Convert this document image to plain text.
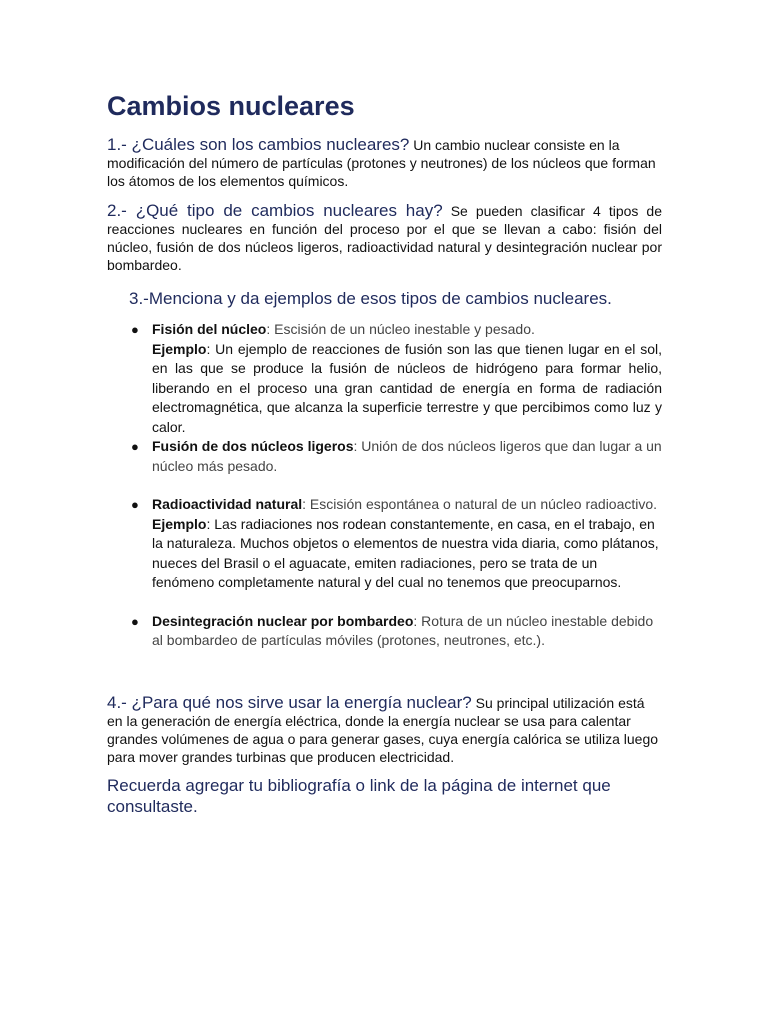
Cambios nucleares

1.- ¿Cuáles son los cambios nucleares? Un cambio nuclear consiste en la modificación del número de partículas (protones y neutrones) de los núcleos que forman los átomos de los elementos químicos.

2.- ¿Qué tipo de cambios nucleares hay? Se pueden clasificar 4 tipos de reacciones nucleares en función del proceso por el que se llevan a cabo: fisión del núcleo, fusión de dos núcleos ligeros, radioactividad natural y desintegración nuclear por bombardeo.

3.-Menciona y da ejemplos de esos tipos de cambios nucleares.

● Fisión del núcleo: Escisión de un núcleo inestable y pesado.
Ejemplo: Un ejemplo de reacciones de fusión son las que tienen lugar en el sol, en las que se produce la fusión de núcleos de hidrógeno para formar helio, liberando en el proceso una gran cantidad de energía en forma de radiación electromagnética, que alcanza la superficie terrestre y que percibimos como luz y calor.
● Fusión de dos núcleos ligeros: Unión de dos núcleos ligeros que dan lugar a un núcleo más pesado.
● Radioactividad natural: Escisión espontánea o natural de un núcleo radioactivo.
Ejemplo: Las radiaciones nos rodean constantemente, en casa, en el trabajo, en la naturaleza. Muchos objetos o elementos de nuestra vida diaria, como plátanos, nueces del Brasil o el aguacate, emiten radiaciones, pero se trata de un fenómeno completamente natural y del cual no tenemos que preocuparnos.
● Desintegración nuclear por bombardeo: Rotura de un núcleo inestable debido al bombardeo de partículas móviles (protones, neutrones, etc.).

4.- ¿Para qué nos sirve usar la energía nuclear? Su principal utilización está en la generación de energía eléctrica, donde la energía nuclear se usa para calentar grandes volúmenes de agua o para generar gases, cuya energía calórica se utiliza luego para mover grandes turbinas que producen electricidad.

Recuerda agregar tu bibliografía o link de la página de internet que consultaste.
